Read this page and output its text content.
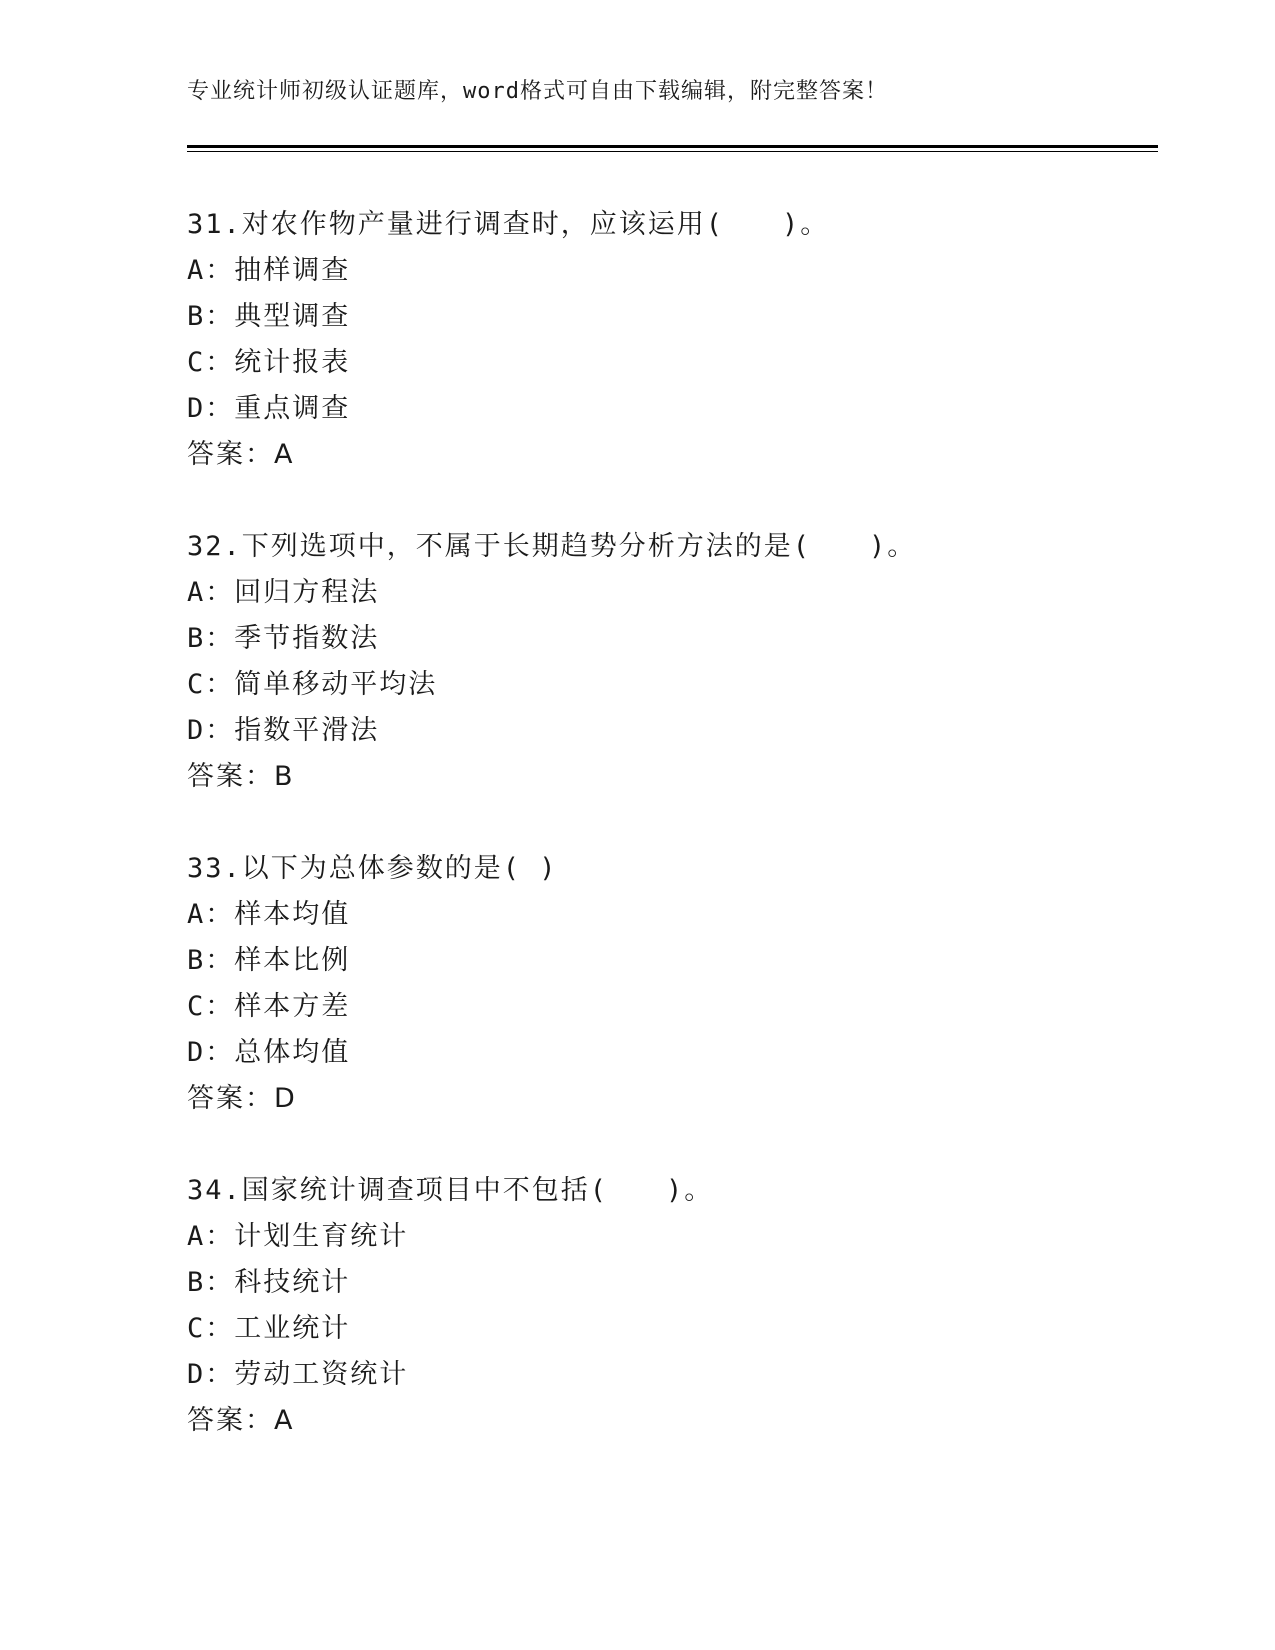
专业统计师初级认证题库，word格式可自由下载编辑，附完整答案！
31.对农作物产量进行调查时，应该运用(　　)。
A：抽样调查
B：典型调查
C：统计报表
D：重点调查
答案：A
32.下列选项中，不属于长期趋势分析方法的是(　　)。
A：回归方程法
B：季节指数法
C：简单移动平均法
D：指数平滑法
答案：B
33.以下为总体参数的是( )
A：样本均值
B：样本比例
C：样本方差
D：总体均值
答案：D
34.国家统计调查项目中不包括(　　)。
A：计划生育统计
B：科技统计
C：工业统计
D：劳动工资统计
答案：A
